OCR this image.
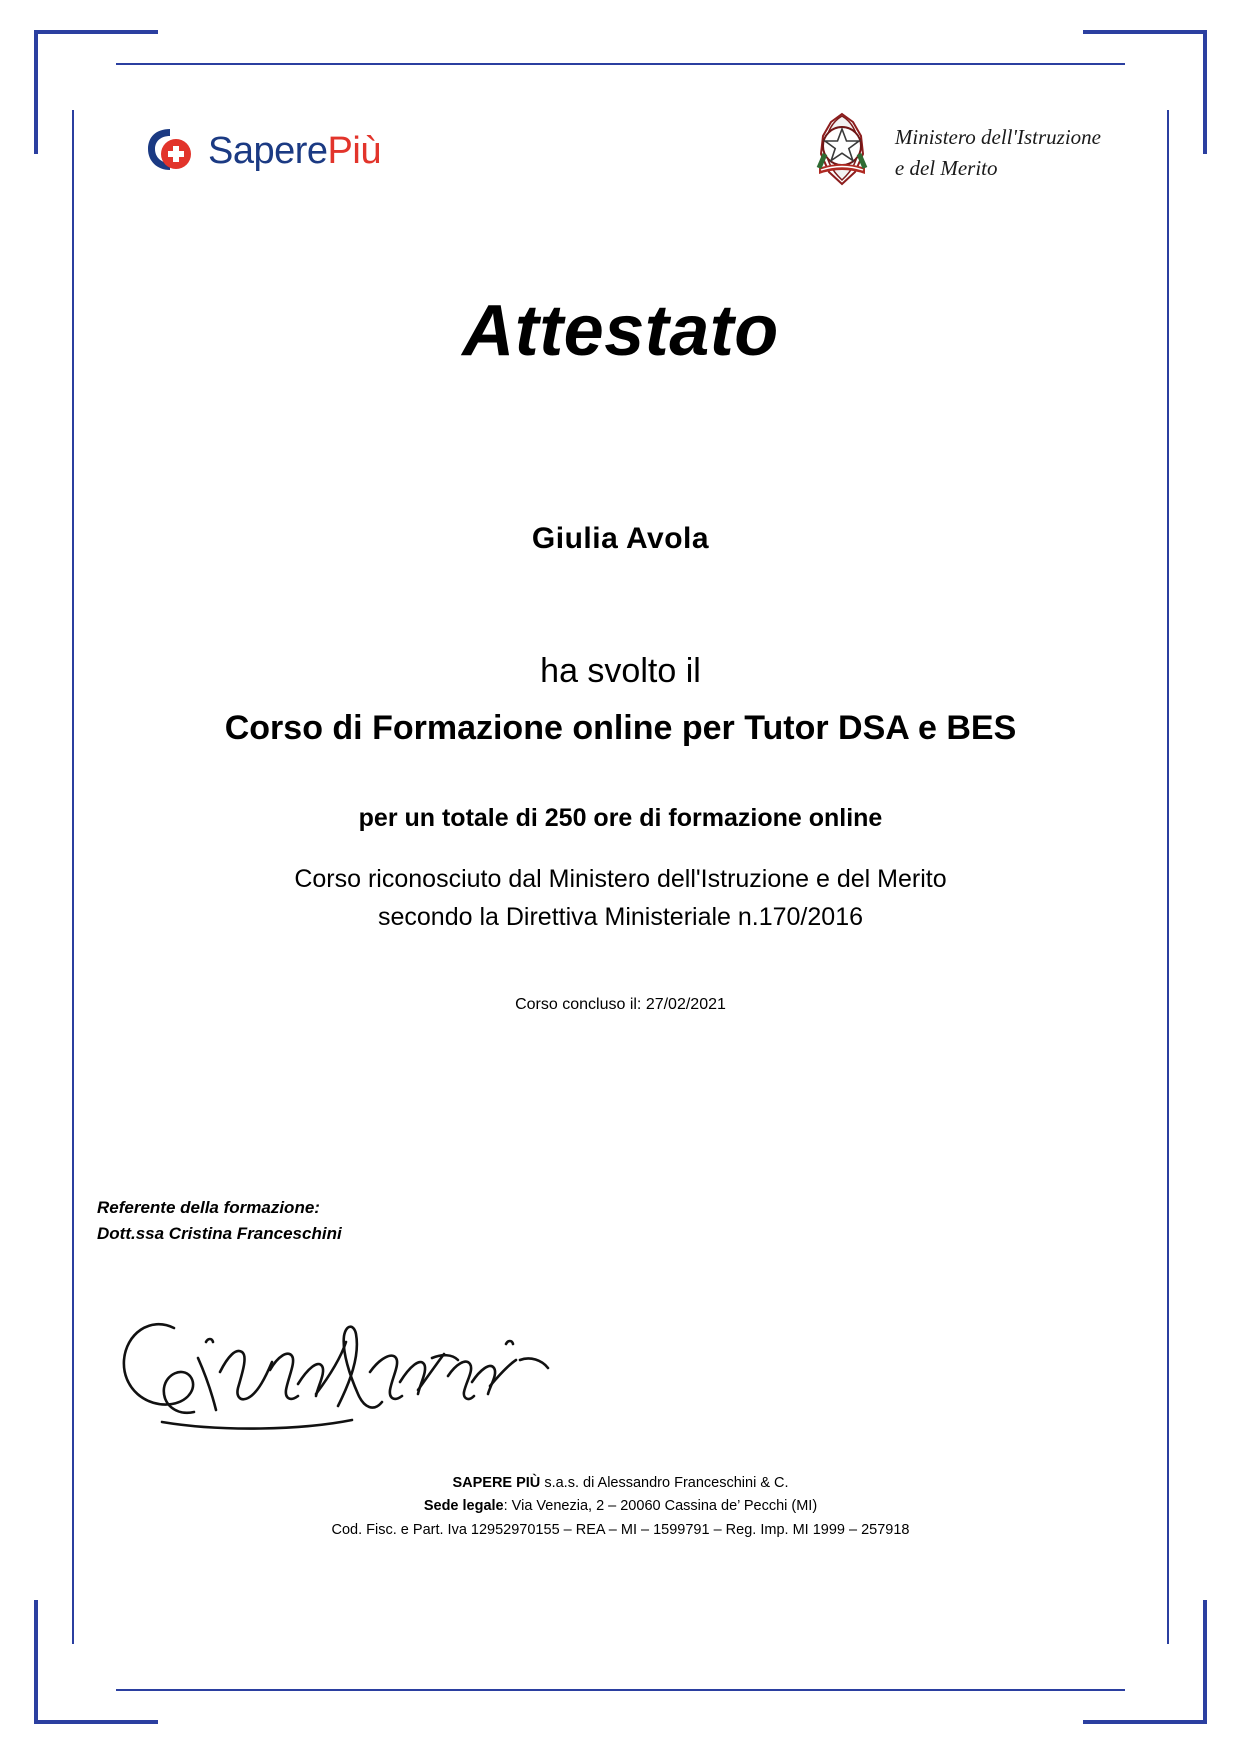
SaperePiù	Ministero dell'Istruzione
e del Merito
Attestato
Giulia Avola
ha svolto il
Corso di Formazione online per Tutor DSA e BES
per un totale di 250 ore di formazione online
Corso riconosciuto dal Ministero dell'Istruzione e del Merito
secondo la Direttiva Ministeriale n.170/2016
Corso concluso il: 27/02/2021
Referente della formazione:
Dott.ssa Cristina Franceschini
SAPERE PIÙ s.a.s. di Alessandro Franceschini & C.
Sede legale: Via Venezia, 2 – 20060 Cassina de’ Pecchi (MI)
Cod. Fisc. e Part. Iva 12952970155 – REA – MI – 1599791 – Reg. Imp. MI 1999 – 257918
